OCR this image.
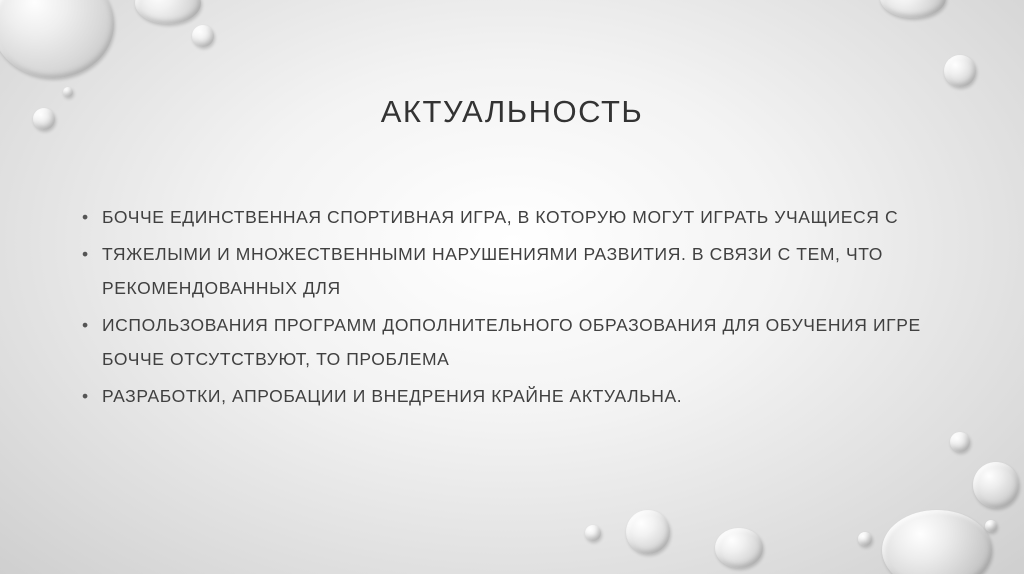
АКТУАЛЬНОСТЬ
• БОЧЧЕ ЕДИНСТВЕННАЯ СПОРТИВНАЯ ИГРА, В КОТОРУЮ МОГУТ ИГРАТЬ УЧАЩИЕСЯ С
• ТЯЖЕЛЫМИ И МНОЖЕСТВЕННЫМИ НАРУШЕНИЯМИ РАЗВИТИЯ. В СВЯЗИ С ТЕМ, ЧТО РЕКОМЕНДОВАННЫХ ДЛЯ
• ИСПОЛЬЗОВАНИЯ ПРОГРАММ ДОПОЛНИТЕЛЬНОГО ОБРАЗОВАНИЯ ДЛЯ ОБУЧЕНИЯ ИГРЕ БОЧЧЕ ОТСУТСТВУЮТ, ТО ПРОБЛЕМА
• РАЗРАБОТКИ, АПРОБАЦИИ И ВНЕДРЕНИЯ КРАЙНЕ АКТУАЛЬНА.
